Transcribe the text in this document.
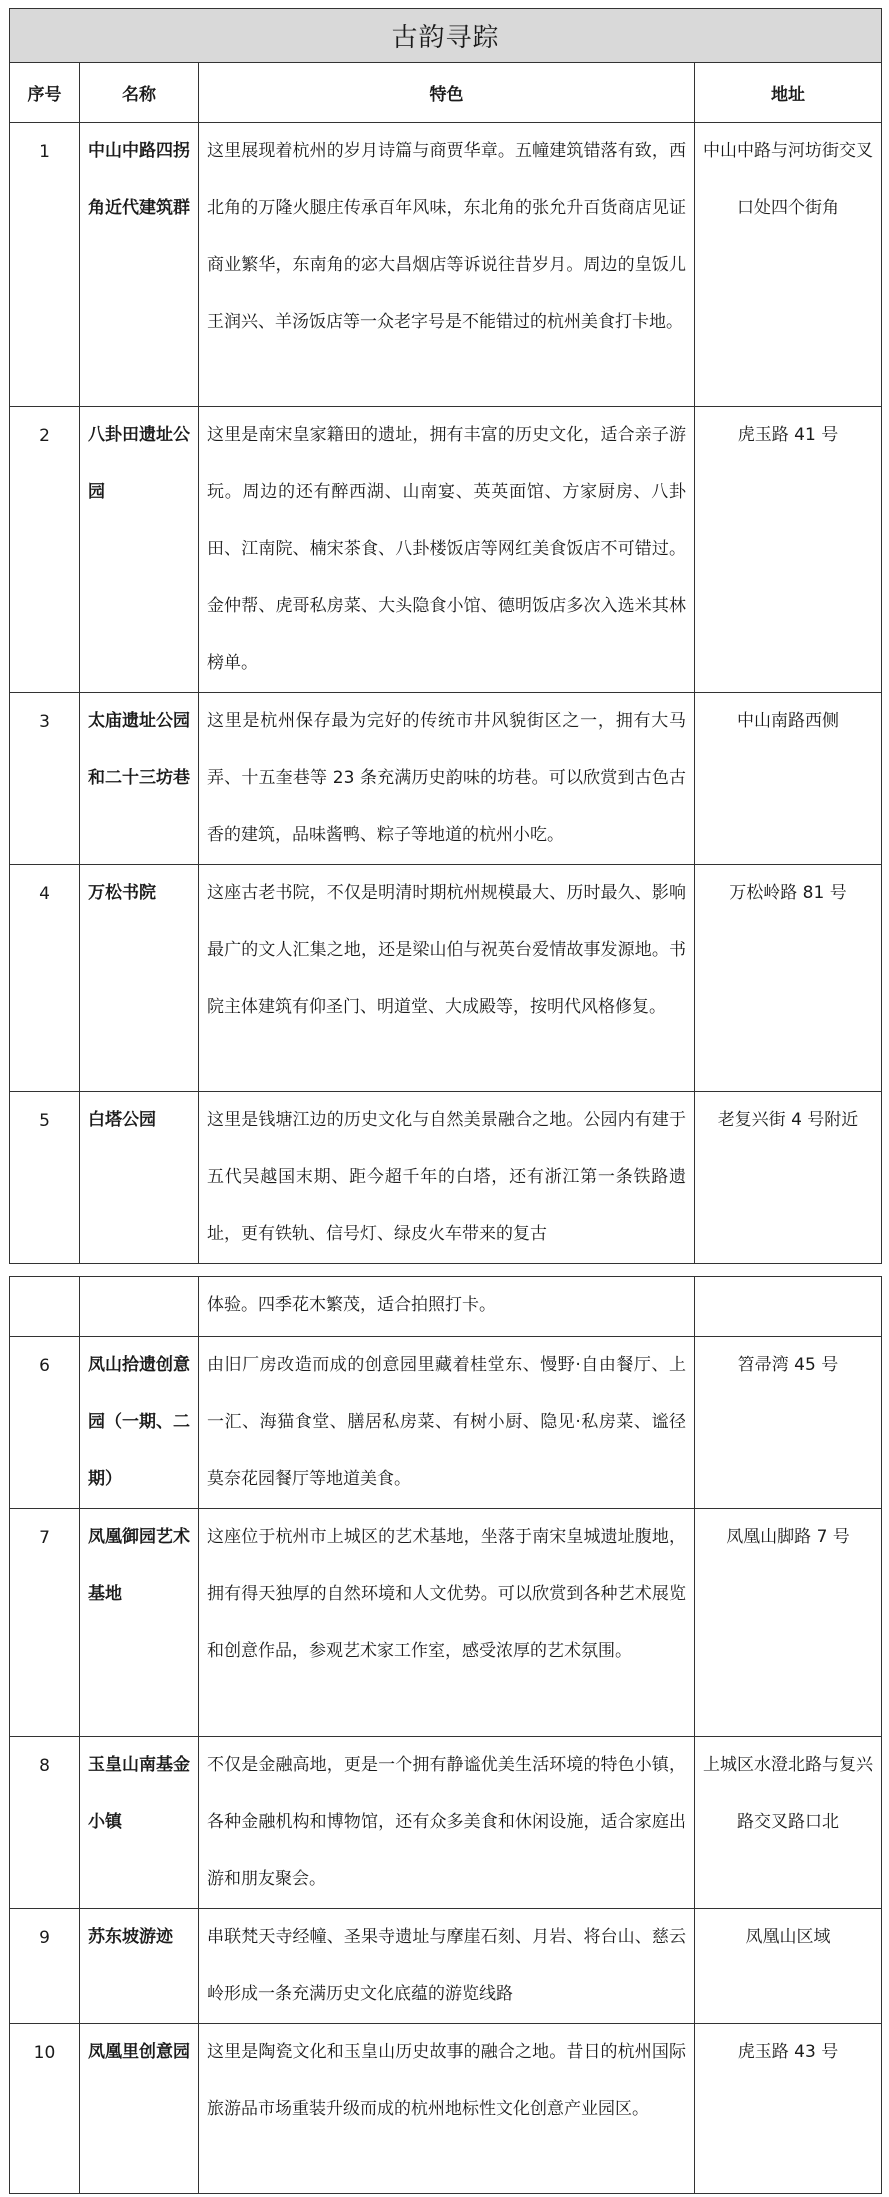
古韵寻踪			
序号	名称	特色	地址
1	中山中路四拐角近代建筑群	这里展现着杭州的岁月诗篇与商贾华章。五幢建筑错落有致，西北角的万隆火腿庄传承百年风味，东北角的张允升百货商店见证商业繁华，东南角的宓大昌烟店等诉说往昔岁月。周边的皇饭儿王润兴、羊汤饭店等一众老字号是不能错过的杭州美食打卡地。	中山中路与河坊街交叉口处四个街角
2	八卦田遗址公园	这里是南宋皇家籍田的遗址，拥有丰富的历史文化，适合亲子游玩。周边的还有醉西湖、山南宴、英英面馆、方家厨房、八卦田、江南院、楠宋茶食、八卦楼饭店等网红美食饭店不可错过。金仲帮、虎哥私房菜、大头隐食小馆、德明饭店多次入选米其林榜单。	虎玉路 41 号
3	太庙遗址公园和二十三坊巷	这里是杭州保存最为完好的传统市井风貌街区之一，拥有大马弄、十五奎巷等 23 条充满历史韵味的坊巷。可以欣赏到古色古香的建筑，品味酱鸭、粽子等地道的杭州小吃。	中山南路西侧
4	万松书院	这座古老书院，不仅是明清时期杭州规模最大、历时最久、影响最广的文人汇集之地，还是梁山伯与祝英台爱情故事发源地。书院主体建筑有仰圣门、明道堂、大成殿等，按明代风格修复。	万松岭路 81 号
5	白塔公园	这里是钱塘江边的历史文化与自然美景融合之地。公园内有建于五代吴越国末期、距今超千年的白塔，还有浙江第一条铁路遗址，更有铁轨、信号灯、绿皮火车带来的复古	老复兴街 4 号附近
		体验。四季花木繁茂，适合拍照打卡。	
6	凤山拾遗创意园（一期、二期）	由旧厂房改造而成的创意园里藏着桂堂东、慢野·自由餐厅、上一汇、海猫食堂、膳居私房菜、有树小厨、隐见·私房菜、谧径莫奈花园餐厅等地道美食。	笤帚湾 45 号
7	凤凰御园艺术基地	这座位于杭州市上城区的艺术基地，坐落于南宋皇城遗址腹地，拥有得天独厚的自然环境和人文优势。可以欣赏到各种艺术展览和创意作品，参观艺术家工作室，感受浓厚的艺术氛围。	凤凰山脚路 7 号
8	玉皇山南基金小镇	不仅是金融高地，更是一个拥有静谧优美生活环境的特色小镇，各种金融机构和博物馆，还有众多美食和休闲设施，适合家庭出游和朋友聚会。	上城区水澄北路与复兴路交叉路口北
9	苏东坡游迹	串联梵天寺经幢、圣果寺遗址与摩崖石刻、月岩、将台山、慈云岭形成一条充满历史文化底蕴的游览线路	凤凰山区域
10	凤凰里创意园	这里是陶瓷文化和玉皇山历史故事的融合之地。昔日的杭州国际旅游品市场重装升级而成的杭州地标性文化创意产业园区。	虎玉路 43 号
